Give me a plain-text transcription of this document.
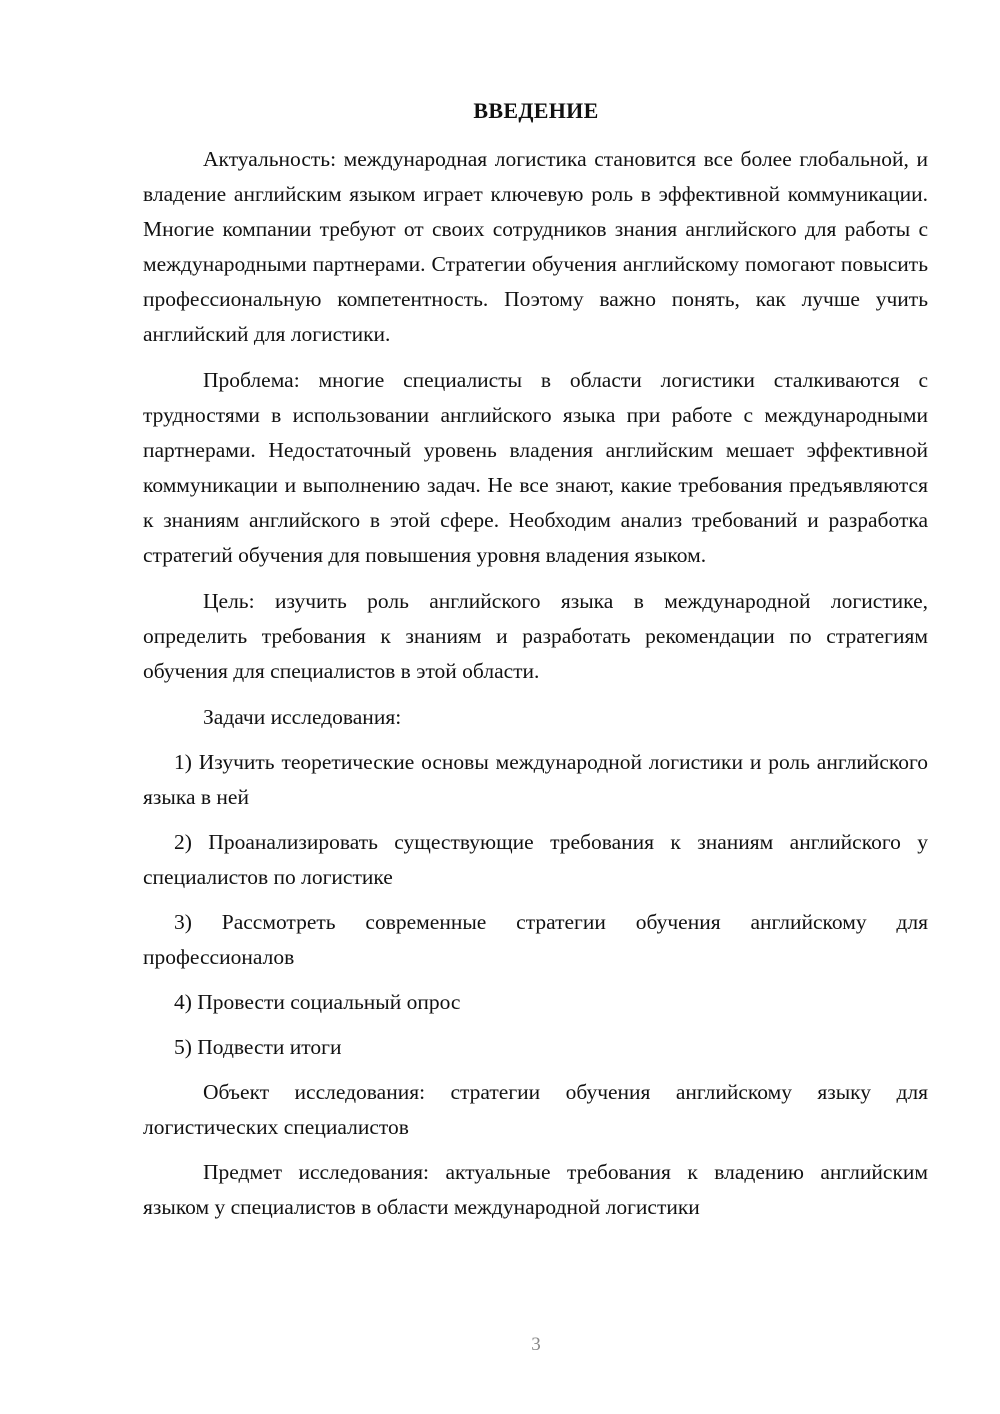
ВВЕДЕНИЕ

Актуальность: международная логистика становится все более глобальной, и владение английским языком играет ключевую роль в эффективной коммуникации. Многие компании требуют от своих сотрудников знания английского для работы с международными партнерами. Стратегии обучения английскому помогают повысить профессиональную компетентность. Поэтому важно понять, как лучше учить английский для логистики.

Проблема: многие специалисты в области логистики сталкиваются с трудностями в использовании английского языка при работе с международными партнерами. Недостаточный уровень владения английским мешает эффективной коммуникации и выполнению задач. Не все знают, какие требования предъявляются к знаниям английского в этой сфере. Необходим анализ требований и разработка стратегий обучения для повышения уровня владения языком.

Цель: изучить роль английского языка в международной логистике, определить требования к знаниям и разработать рекомендации по стратегиям обучения для специалистов в этой области.

Задачи исследования:

1) Изучить теоретические основы международной логистики и роль английского языка в ней

2) Проанализировать существующие требования к знаниям английского у специалистов по логистике

3) Рассмотреть современные стратегии обучения английскому для профессионалов

4) Провести социальный опрос

5) Подвести итоги

Объект исследования: стратегии обучения английскому языку для логистических специалистов

Предмет исследования: актуальные требования к владению английским языком у специалистов в области международной логистики

3
